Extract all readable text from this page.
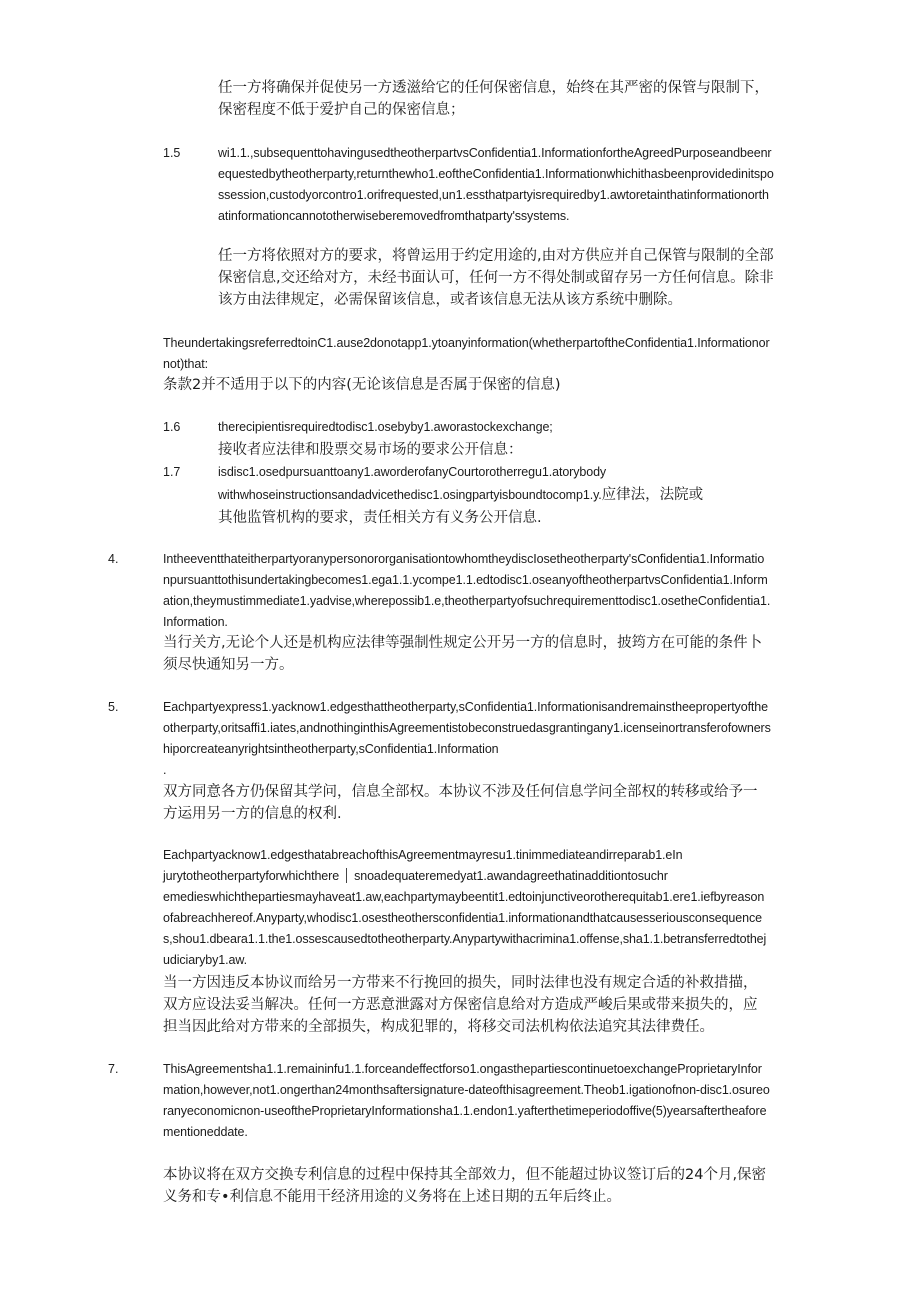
任一方将确保并促使另一方透滋给它的任何保密信息，始终在其严密的保管与限制下，保密程度不低于爱护自己的保密信息；

1.5	wi1.1.,subsequenttohavingusedtheotherpartvsConfidentia1.InformationfortheAgreedPurposeandbeenrequestedbytheotherparty,returnthewho1.eoftheConfidentia1.Informationwhichithasbeenprovidedinitspossession,custodyorcontro1.orifrequested,un1.essthatpartyisrequiredby1.awtoretainthatinformationorthatinformationcannototherwiseberemovedfromthatparty'ssystems.

任一方将依照对方的要求，将曾运用于约定用途的,由对方供应并自己保管与限制的全部保密信息,交还给对方，未经书面认可，任何一方不得处制或留存另一方任何信息。除非该方由法律规定，必需保留该信息，或者该信息无法从该方系统中删除。

TheundertakingsreferredtoinC1.ause2donotapp1.ytoanyinformation(whetherpartoftheConfidentia1.Informationornot)that:

条款2并不适用于以下的内容(无论该信息是否属于保密的信息)

1.6	therecipientisrequiredtodisc1.osebyby1.aworastockexchange;

接收者应法律和股票交易市场的要求公开信息：

1.7	isdisc1.osedpursuanttoany1.aworderofanyCourtorotherregu1.atorybody

withwhoseinstructionsandadvicethedisc1.osingpartyisboundtocomp1.y.应律法，法院或

其他监管机构的要求，责任相关方有义务公开信息.

4.	IntheeventthateitherpartyoranypersonororganisationtowhomtheydiscIosetheotherparty'sConfidentia1.Informationpursuanttothisundertakingbecomes1.ega1.1.ycompe1.1.edtodisc1.oseanyoftheotherpartvsConfidentia1.Information,theymustimmediate1.yadvise,wherepossib1.e,theotherpartyofsuchrequirementtodisc1.osetheConfidentia1.Information.

当行关方,无论个人还是机构应法律等强制性规定公开另一方的信息时，披筠方在可能的条件卜须尽快通知另一方。

5.	Eachpartyexpress1.yacknow1.edgesthattheotherparty,sConfidentia1.Informationisandremainstheepropertyoftheotherparty,oritsaffi1.iates,andnothinginthisAgreementistobeconstruedasgrantingany1.icenseinortransferofownershiporcreateanyrightsintheotherparty,sConfidentia1.Information

.

双方同意各方仍保留其学问，信息全部权。本协议不涉及任何信息学问全部权的转移或给予一方运用另一方的信息的权利.

Eachpartyacknow1.edgesthatabreachofthisAgreementmayresu1.tinimmediateandirreparab1.eIn

jurytotheotherpartyforwhichthere snoadequateremedyat1.awandagreethatinadditiontosuchr

emedieswhichthepartiesmayhaveat1.aw,eachpartymaybeentit1.edtoinjunctiveorotherequitab1.ere1.iefbyreasonofabreachhereof.Anyparty,whodisc1.osestheothersconfidentia1.informationandthatcausesseriousconsequences,shou1.dbeara1.1.the1.ossescausedtotheotherparty.Anypartywithacrimina1.offense,sha1.1.betransferredtothejudiciaryby1.aw.

当一方因违反本协议而给另一方带来不行挽回的损失，同时法律也没有规定合适的补救措描，双方应设法妥当解决。任何一方恶意泄露对方保密信息给对方造成严峻后果或带来损失的，应担当因此给对方带来的全部损失，构成犯罪的，将移交司法机构依法追究其法律费任。

7.	ThisAgreementsha1.1.remaininfu1.1.forceandeffectforso1.ongasthepartiescontinuetoexchangeProprietaryInformation,however,not1.ongerthan24monthsaftersignature-dateofthisagreement.Theob1.igationofnon-disc1.osureoranyeconomicnon-useoftheProprietaryInformationsha1.1.endon1.yafterthetimeperiodoffive(5)yearsaftertheaforementioneddate.

本协议将在双方交换专利信息的过程中保持其全部效力，但不能超过协议签订后的24个月,保密义务和专•利信息不能用干经济用途的义务将在上述日期的五年后终止。
